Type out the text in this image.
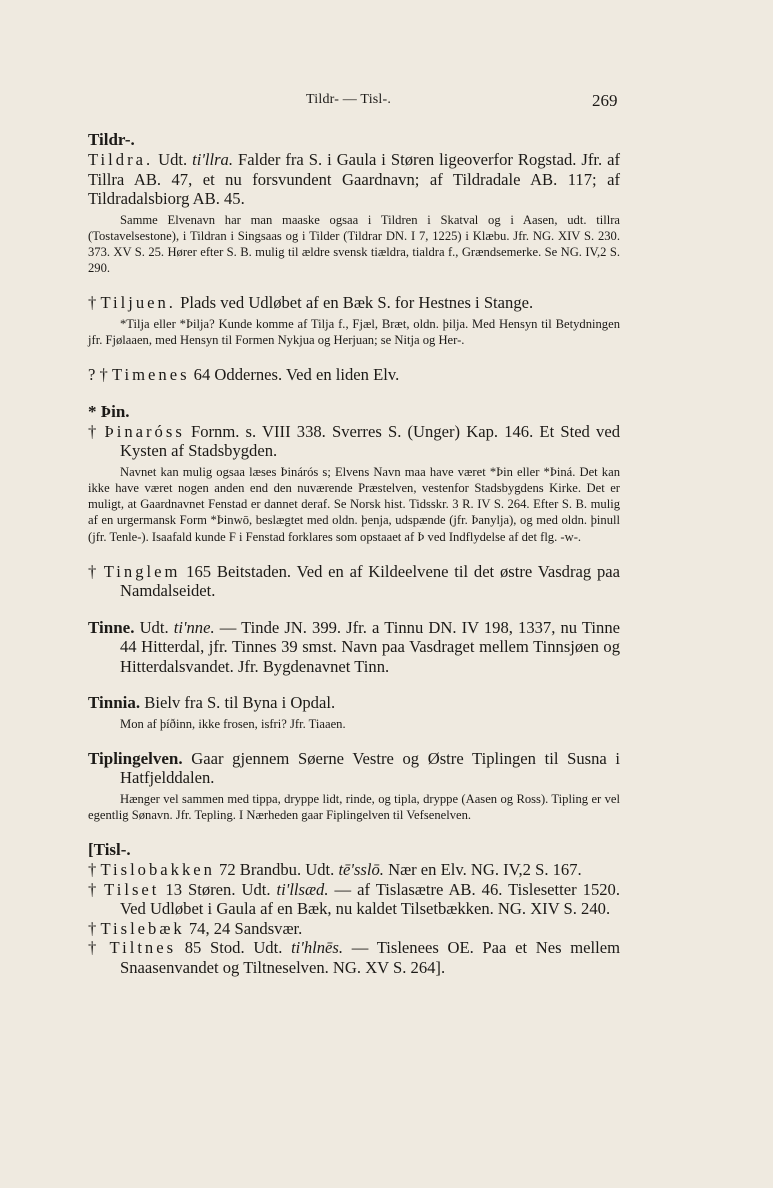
Tildr- — Tisl-.	269
Tildr-.

Tildra. Udt. ti'llra. Falder fra S. i Gaula i Støren ligeoverfor Rogstad. Jfr. af Tillra AB. 47, et nu forsvundent Gaardnavn; af Tildradale AB. 117; af Tildradalsbiorg AB. 45.

Samme Elvenavn har man maaske ogsaa i Tildren i Skatval og i Aasen, udt. tillra (Tostavelsestone), i Tildran i Singsaas og i Tilder (Tildrar DN. I 7, 1225) i Klæbu. Jfr. NG. XIV S. 230. 373. XV S. 25. Hører efter S. B. mulig til ældre svensk tiældra, tialdra f., Grændsemerke. Se NG. IV,2 S. 290.

† Tiljuen. Plads ved Udløbet af en Bæk S. for Hestnes i Stange.

*Tilja eller *Þilja? Kunde komme af Tilja f., Fjæl, Bræt, oldn. þilja. Med Hensyn til Betydningen jfr. Fjølaaen, med Hensyn til Formen Nykjua og Herjuan; se Nitja og Her-.

? † Timenes 64 Oddernes. Ved en liden Elv.

* Þin.

† Þinaróss Fornm. s. VIII 338. Sverres S. (Unger) Kap. 146. Et Sted ved Kysten af Stadsbygden.

Navnet kan mulig ogsaa læses Þinárós s; Elvens Navn maa have været *Þin eller *Þiná. Det kan ikke have været nogen anden end den nuværende Præstelven, vestenfor Stadsbygdens Kirke. Det er muligt, at Gaardnavnet Fenstad er dannet deraf. Se Norsk hist. Tidsskr. 3 R. IV S. 264. Efter S. B. mulig af en urgermansk Form *Þinwō, beslægtet med oldn. þenja, udspænde (jfr. Þanylja), og med oldn. þinull (jfr. Tenle-). Isaafald kunde F i Fenstad forklares som opstaaet af Þ ved Indflydelse af det flg. -w-.

† Tinglem 165 Beitstaden. Ved en af Kildeelvene til det østre Vasdrag paa Namdalseidet.

Tinne. Udt. ti'nne. — Tinde JN. 399. Jfr. a Tinnu DN. IV 198, 1337, nu Tinne 44 Hitterdal, jfr. Tinnes 39 smst. Navn paa Vasdraget mellem Tinnsjøen og Hitterdalsvandet. Jfr. Bygdenavnet Tinn.

Tinnia. Bielv fra S. til Byna i Opdal.

Mon af þíðinn, ikke frosen, isfri? Jfr. Tiaaen.

Tiplingelven. Gaar gjennem Søerne Vestre og Østre Tiplingen til Susna i Hatfjelddalen.

Hænger vel sammen med tippa, dryppe lidt, rinde, og tipla, dryppe (Aasen og Ross). Tipling er vel egentlig Sønavn. Jfr. Tepling. I Nærheden gaar Fiplingelven til Vefsenelven.

[Tisl-.

† Tislobakken 72 Brandbu. Udt. tē'sslō. Nær en Elv. NG. IV,2 S. 167.

† Tilset 13 Støren. Udt. ti'llsæd. — af Tislasætre AB. 46. Tislesetter 1520. Ved Udløbet i Gaula af en Bæk, nu kaldet Tilsetbækken. NG. XIV S. 240.

† Tislebæk 74, 24 Sandsvær.

† Tiltnes 85 Stod. Udt. ti'hlnēs. — Tislenees OE. Paa et Nes mellem Snaasenvandet og Tiltneselven. NG. XV S. 264].
